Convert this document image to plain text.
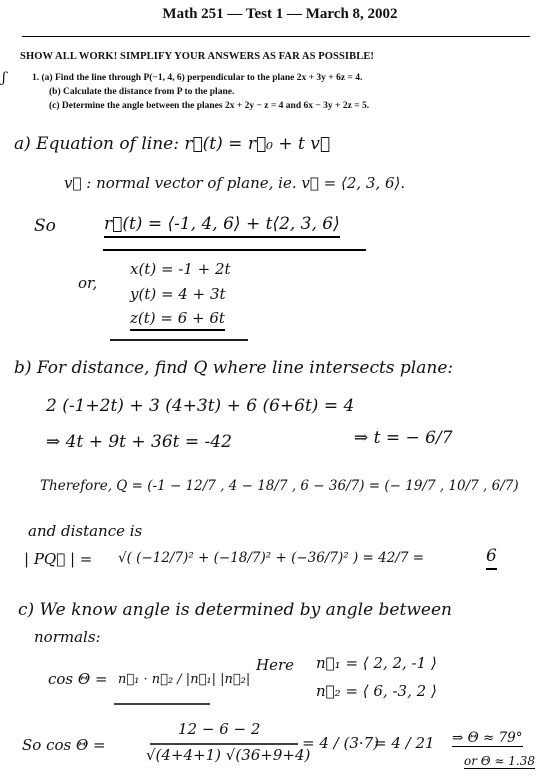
Math 251 — Test 1 — March 8, 2002
SHOW ALL WORK! SIMPLIFY YOUR ANSWERS AS FAR AS POSSIBLE!
ʃ	1. (a) Find the line through P(−1, 4, 6) perpendicular to the plane 2x + 3y + 6z = 4.
(b) Calculate the distance from P to the plane.
(c) Determine the angle between the planes 2x + 2y − z = 4 and 6x − 3y + 2z = 5.
a) Equation of line: r⃗(t) = r⃗₀ + t v⃗
v⃗ : normal vector of plane, ie. v⃗ = ⟨2, 3, 6⟩.
So	r⃗(t) = ⟨-1, 4, 6⟩ + t⟨2, 3, 6⟩
or,
x(t) = -1 + 2t
y(t) = 4 + 3t
z(t) = 6 + 6t
b) For distance, find Q where line intersects plane:
2 (-1+2t) + 3 (4+3t) + 6 (6+6t) = 4
⇒ 4t + 9t + 36t = -42	⇒ t = − 6/7
Therefore, Q = (-1 − 12/7 , 4 − 18/7 , 6 − 36/7) = (− 19/7 , 10/7 , 6/7)
and distance is
| PQ⃗ | = √( (−12/7)² + (−18/7)² + (−36/7)² ) = 42/7 =	6
c) We know angle is determined by angle between
normals:
cos Θ = n⃗₁ · n⃗₂ / |n⃗₁| |n⃗₂|
Here n⃗₁ = ⟨ 2, 2, -1 ⟩
n⃗₂ = ⟨ 6, -3, 2 ⟩
So cos Θ =
12 − 6 − 2
√(4+4+1) √(36+9+4)
= 4 / (3·7)
= 4 / 21 ⇒ Θ ≈ 79°
or Θ ≈ 1.38
